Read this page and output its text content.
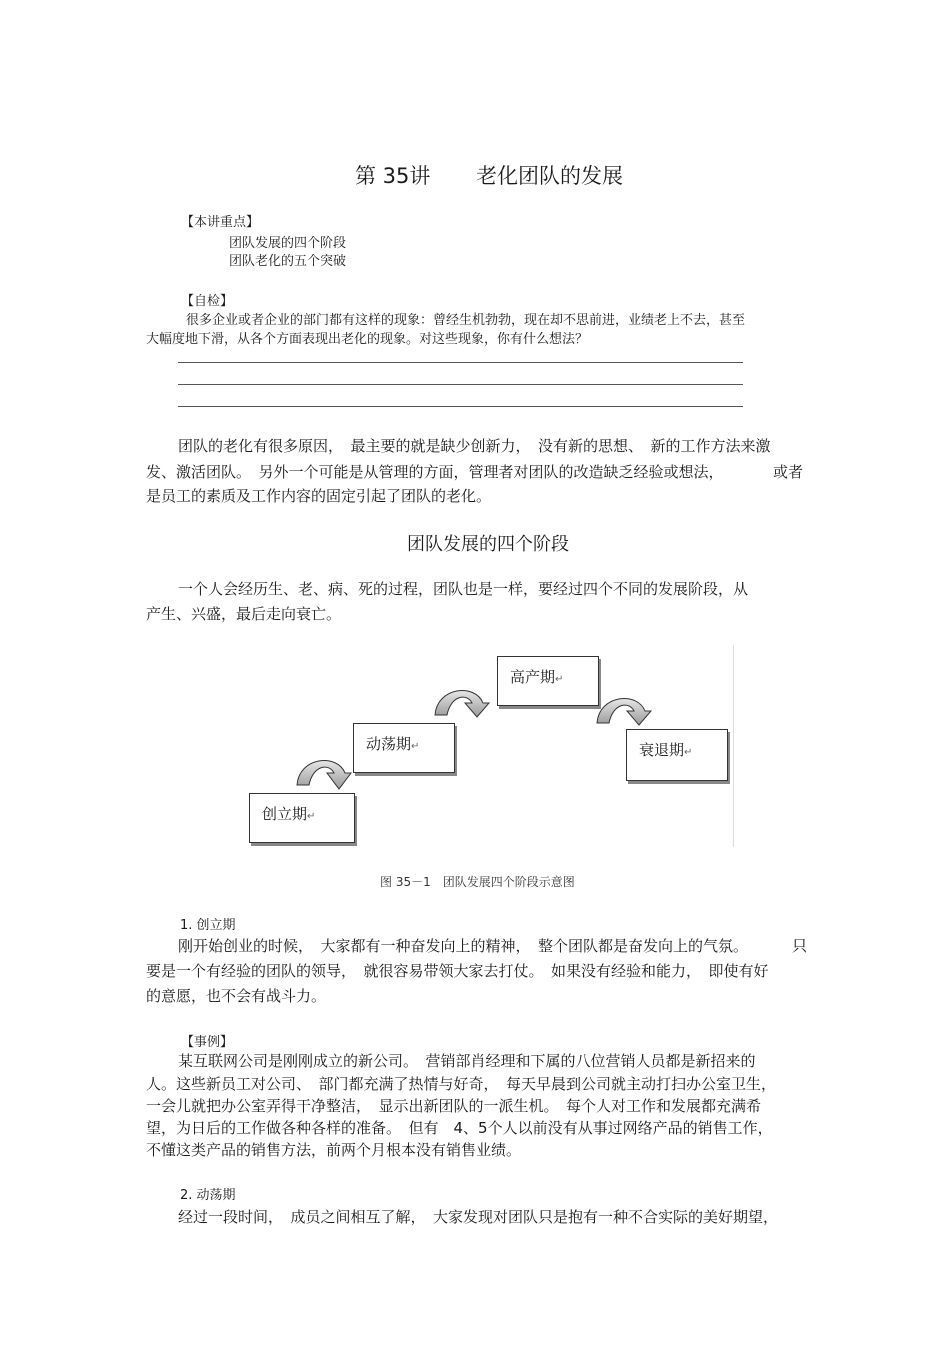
第 35讲 老化团队的发展
【本讲重点】
团队发展的四个阶段
团队老化的五个突破
【自检】
很多企业或者企业的部门都有这样的现象：曾经生机勃勃，现在却不思前进，业绩老上不去，甚至
大幅度地下滑，从各个方面表现出老化的现象。对这些现象，你有什么想法？
团队的老化有很多原因，　最主要的就是缺少创新力，　没有新的思想、　新的工作方法来激
发、激活团队。　另外一个可能是从管理的方面，管理者对团队的改造缺乏经验或想法，	或者
是员工的素质及工作内容的固定引起了团队的老化。
团队发展的四个阶段
一个人会经历生、老、病、死的过程，团队也是一样，要经过四个不同的发展阶段，从
产生、兴盛，最后走向衰亡。
创立期↵
动荡期↵
高产期↵
衰退期↵
图 35－1　团队发展四个阶段示意图
1. 创立期
刚开始创业的时候，　大家都有一种奋发向上的精神，　整个团队都是奋发向上的气氛。	只
要是一个有经验的团队的领导，　就很容易带领大家去打仗。　如果没有经验和能力，　即使有好
的意愿，也不会有战斗力。
【事例】
某互联网公司是刚刚成立的新公司。　营销部肖经理和下属的八位营销人员都是新招来的
人。这些新员工对公司、　部门都充满了热情与好奇，　每天早晨到公司就主动打扫办公室卫生，
一会儿就把办公室弄得干净整洁，　显示出新团队的一派生机。　每个人对工作和发展都充满希
望，为日后的工作做各种各样的准备。　但有　4、5个人以前没有从事过网络产品的销售工作，
不懂这类产品的销售方法，前两个月根本没有销售业绩。
2. 动荡期
经过一段时间，　成员之间相互了解，　大家发现对团队只是抱有一种不合实际的美好期望，
